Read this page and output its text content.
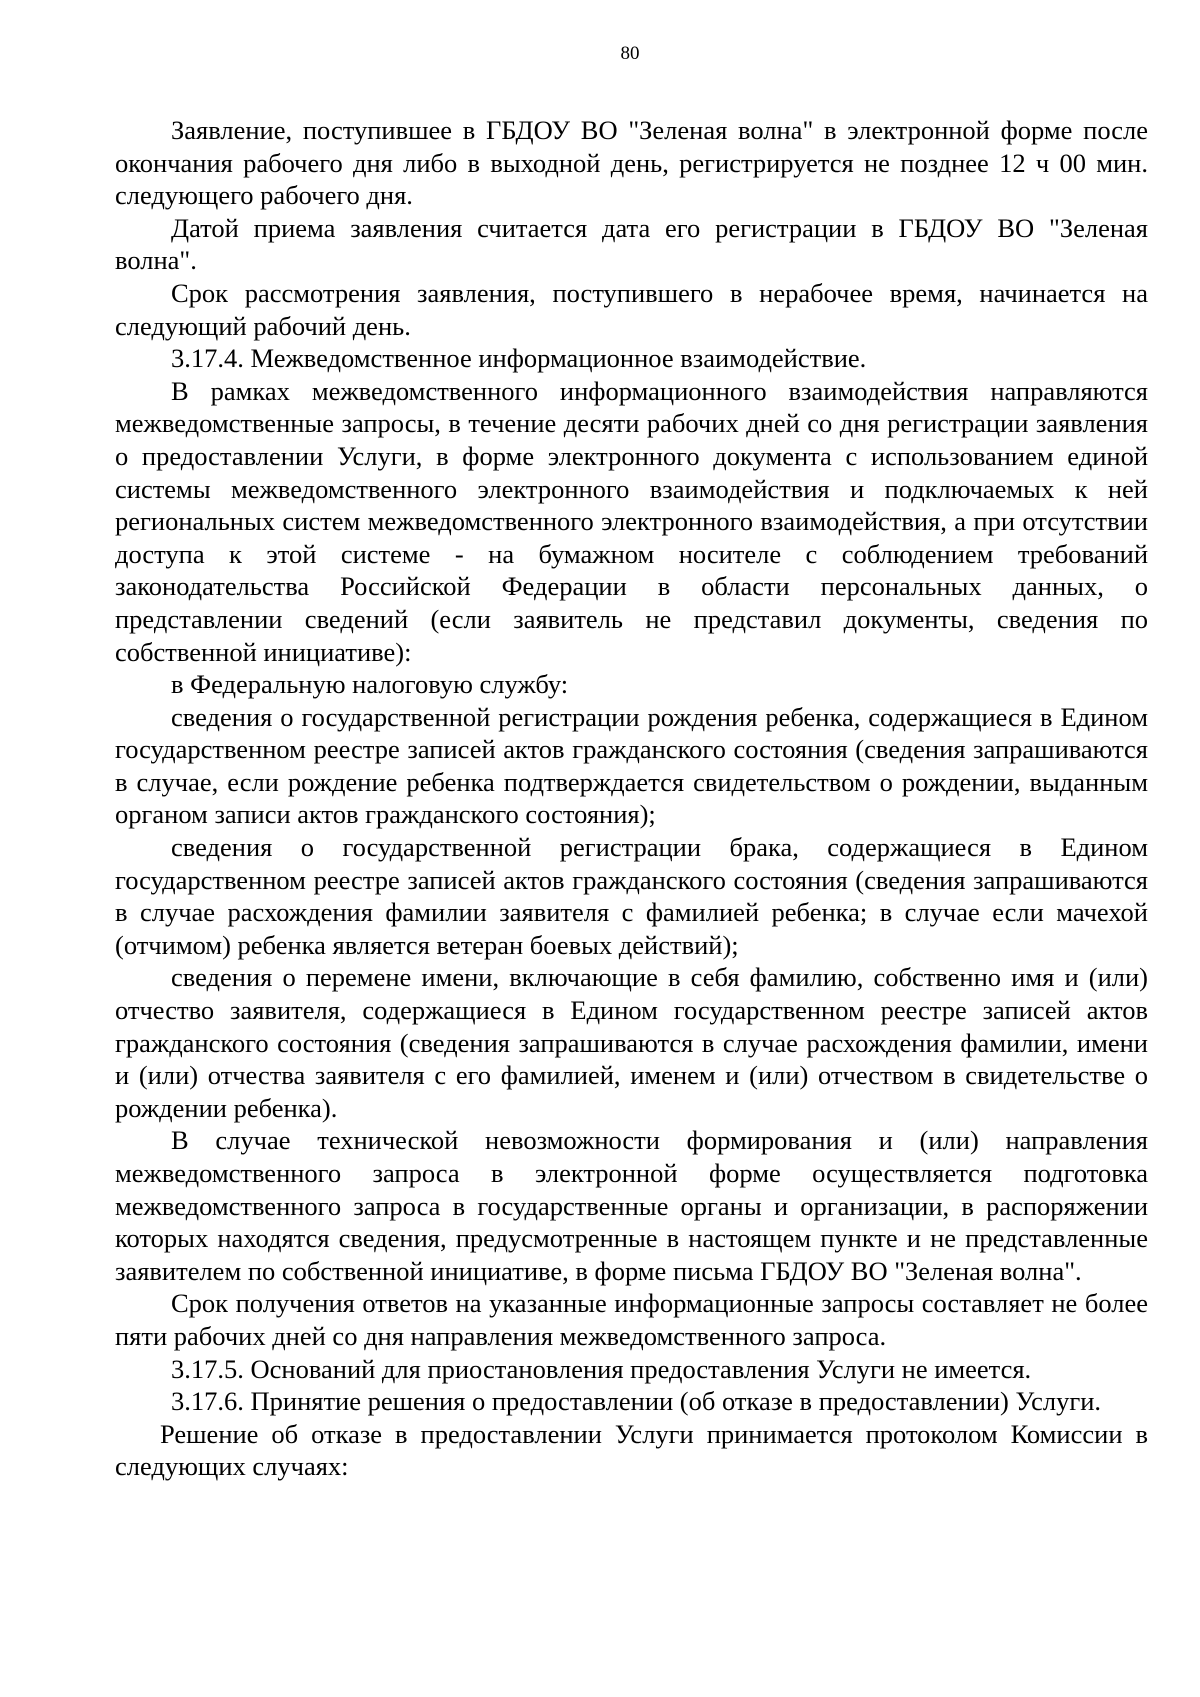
80

Заявление, поступившее в ГБДОУ ВО "Зеленая волна" в электронной форме после окончания рабочего дня либо в выходной день, регистрируется не позднее 12 ч 00 мин. следующего рабочего дня.

Датой приема заявления считается дата его регистрации в ГБДОУ ВО "Зеленая волна".

Срок рассмотрения заявления, поступившего в нерабочее время, начинается на следующий рабочий день.

3.17.4. Межведомственное информационное взаимодействие.

В рамках межведомственного информационного взаимодействия направляются межведомственные запросы, в течение десяти рабочих дней со дня регистрации заявления о предоставлении Услуги, в форме электронного документа с использованием единой системы межведомственного электронного взаимодействия и подключаемых к ней региональных систем межведомственного электронного взаимодействия, а при отсутствии доступа к этой системе - на бумажном носителе с соблюдением требований законодательства Российской Федерации в области персональных данных, о представлении сведений (если заявитель не представил документы, сведения по собственной инициативе):

в Федеральную налоговую службу:

сведения о государственной регистрации рождения ребенка, содержащиеся в Едином государственном реестре записей актов гражданского состояния (сведения запрашиваются в случае, если рождение ребенка подтверждается свидетельством о рождении, выданным органом записи актов гражданского состояния);

сведения о государственной регистрации брака, содержащиеся в Едином государственном реестре записей актов гражданского состояния (сведения запрашиваются в случае расхождения фамилии заявителя с фамилией ребенка; в случае если мачехой (отчимом) ребенка является ветеран боевых действий);

сведения о перемене имени, включающие в себя фамилию, собственно имя и (или) отчество заявителя, содержащиеся в Едином государственном реестре записей актов гражданского состояния (сведения запрашиваются в случае расхождения фамилии, имени и (или) отчества заявителя с его фамилией, именем и (или) отчеством в свидетельстве о рождении ребенка).

В случае технической невозможности формирования и (или) направления межведомственного запроса в электронной форме осуществляется подготовка межведомственного запроса в государственные органы и организации, в распоряжении которых находятся сведения, предусмотренные в настоящем пункте и не представленные заявителем по собственной инициативе, в форме письма ГБДОУ ВО "Зеленая волна".

Срок получения ответов на указанные информационные запросы составляет не более пяти рабочих дней со дня направления межведомственного запроса.

3.17.5. Оснований для приостановления предоставления Услуги не имеется.

3.17.6. Принятие решения о предоставлении (об отказе в предоставлении) Услуги.

Решение об отказе в предоставлении Услуги принимается протоколом Комиссии в следующих случаях:
